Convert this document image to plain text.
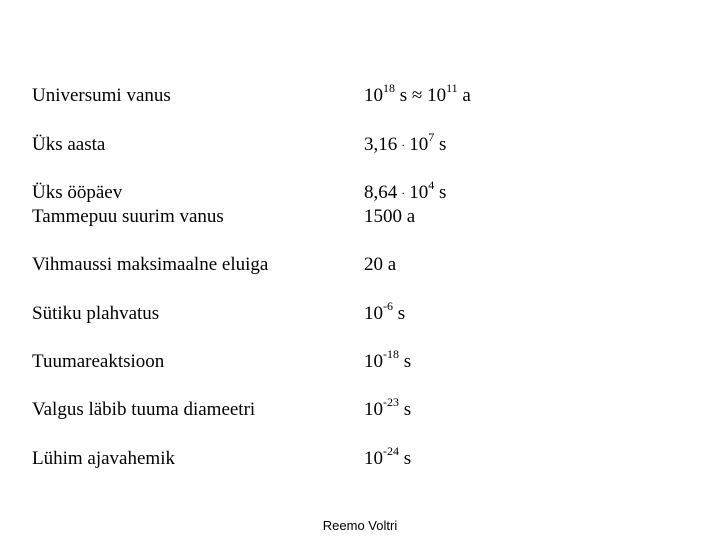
Universumi vanus	$10^{18}$ $s \approx 10^{11}$ a
Üks aasta	$3,16 \cdot 10^7$ s
Üks ööpäev	$8,64 \cdot 10^4$ s
Tammepuu suurim vanus	1500 a
Vihmaussi maksimaalne eluiga	20 a
Sütiku plahvatus	$10^{-6}$ s
Tuumareaktsioon	$10^{-18}$ s
Valgus läbib tuuma diameetri	$10^{-23}$ s
Lühim ajavahemik	$10^{-24}$ s
Reemo Voltri
